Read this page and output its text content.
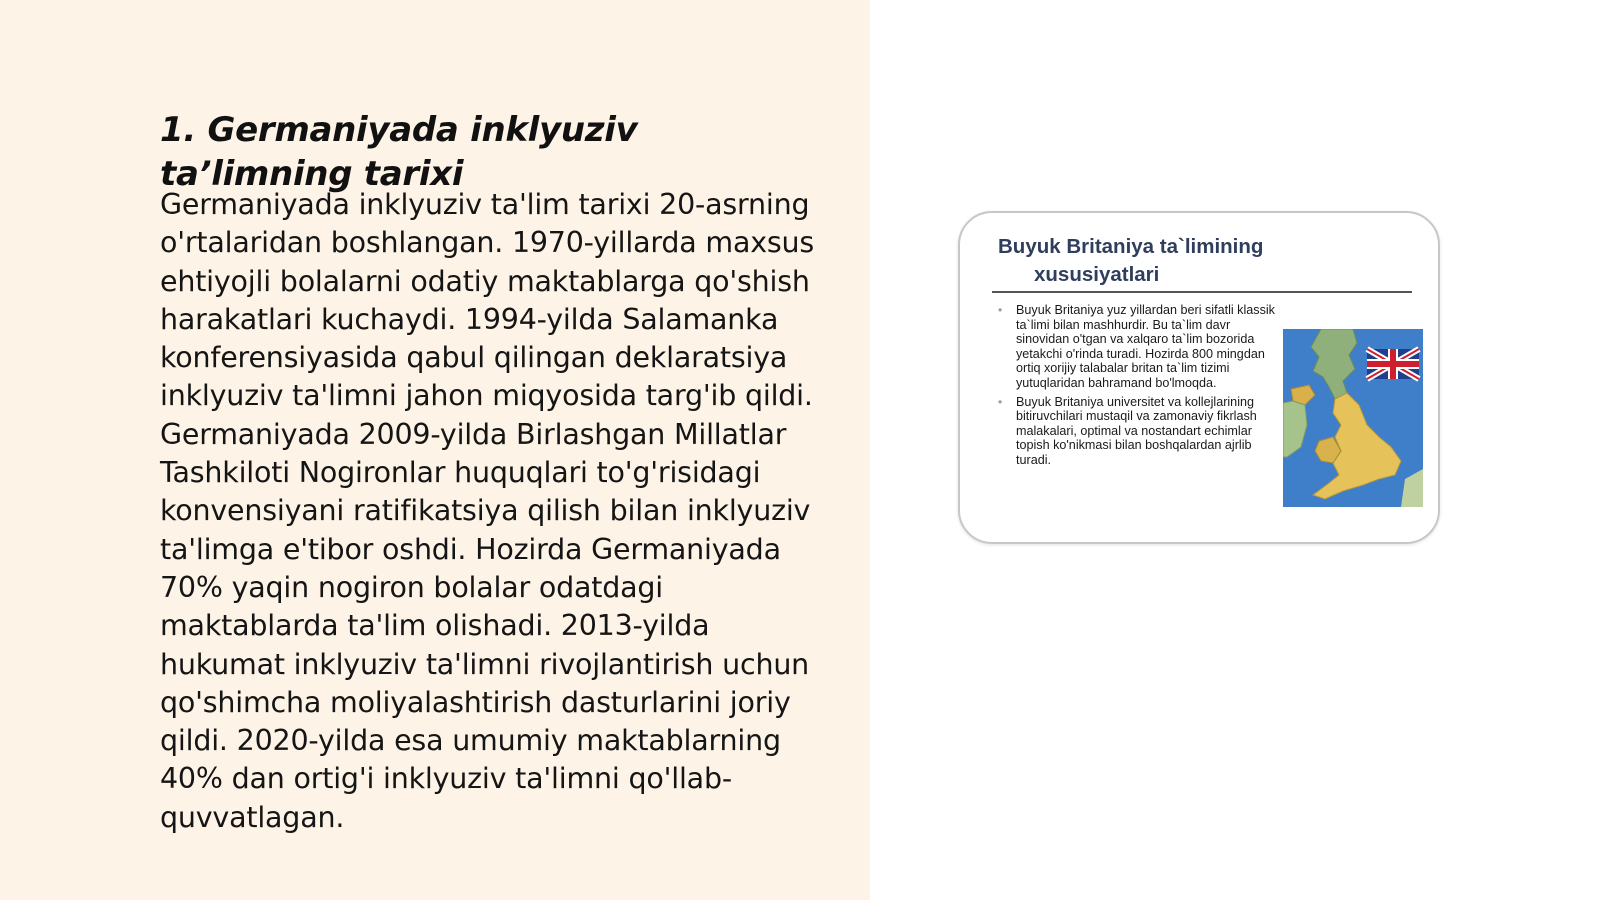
1. Germaniyada inklyuziv ta’limning tarixi

Germaniyada inklyuziv ta'lim tarixi 20-asrning o'rtalaridan boshlangan. 1970-yillarda maxsus ehtiyojli bolalarni odatiy maktablarga qo'shish harakatlari kuchaydi. 1994-yilda Salamanka konferensiyasida qabul qilingan deklaratsiya inklyuziv ta'limni jahon miqyosida targ'ib qildi. Germaniyada 2009-yilda Birlashgan Millatlar Tashkiloti Nogironlar huquqlari to'g'risidagi konvensiyani ratifikatsiya qilish bilan inklyuziv ta'limga e'tibor oshdi. Hozirda Germaniyada 70% yaqin nogiron bolalar odatdagi maktablarda ta'lim olishadi. 2013-yilda hukumat inklyuziv ta'limni rivojlantirish uchun qo'shimcha moliyalashtirish dasturlarini joriy qildi. 2020-yilda esa umumiy maktablarning 40% dan ortig'i inklyuziv ta'limni qo'llab-quvvatlagan.

Buyuk Britaniya ta`limining
xususiyatlari
• Buyuk Britaniya yuz yillardan beri sifatli klassik ta`limi bilan mashhurdir. Bu ta`lim davr sinovidan o'tgan va xalqaro ta`lim bozorida yetakchi o'rinda turadi. Hozirda 800 mingdan ortiq xorijiy talabalar britan ta`lim tizimi yutuqlaridan bahramand bo'lmoqda.
• Buyuk Britaniya universitet va kollejlarining bitiruvchilari mustaqil va zamonaviy fikrlash malakalari, optimal va nostandart echimlar topish ko'nikmasi bilan boshqalardan ajrlib turadi.
